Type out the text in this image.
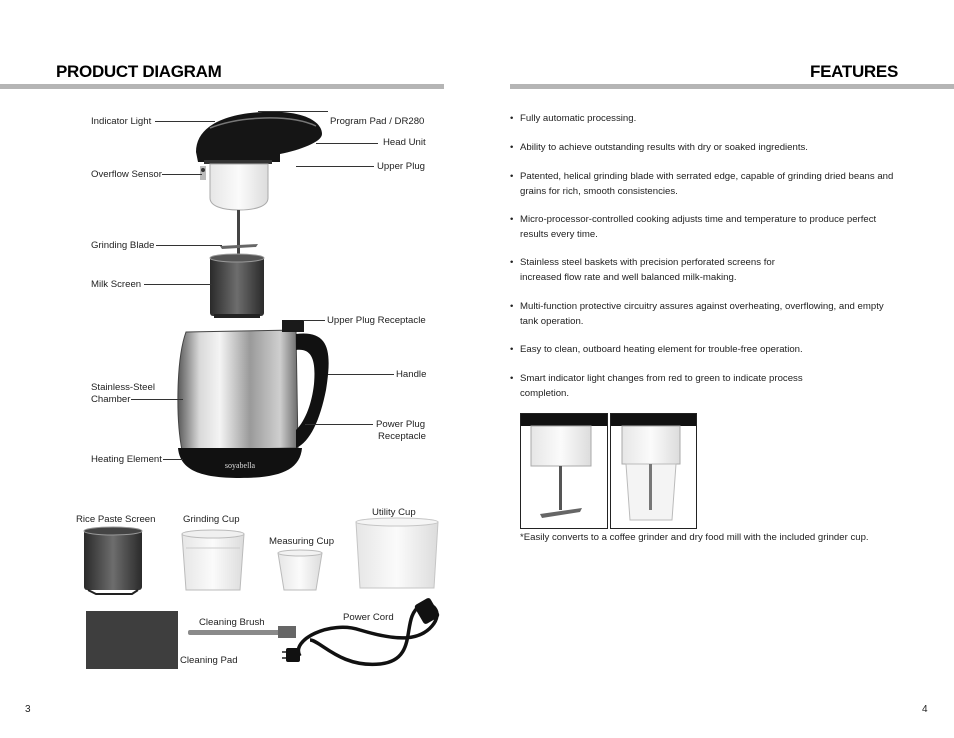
PRODUCT DIAGRAM	FEATURES
soyabella
Indicator Light	Program Pad / DR280
Head Unit
Upper Plug
Overflow Sensor
Grinding Blade
Milk Screen
Upper Plug Receptacle
Handle
Stainless-Steel
Chamber
Power Plug
Receptacle
Heating Element
Rice Paste Screen	Grinding Cup
Utility Cup
Measuring Cup
Cleaning Brush	Power Cord
Cleaning Pad
• Fully automatic processing.
• Ability to achieve outstanding results with dry or soaked ingredients.
• Patented, helical grinding blade with serrated edge, capable of grinding dried beans and
grains for rich, smooth consistencies.
• Micro-processor-controlled cooking adjusts time and temperature to produce perfect
results every time.
• Stainless steel baskets with precision perforated screens for
increased flow rate and well balanced milk-making.
• Multi-function protective circuitry assures against overheating, overflowing, and empty
tank operation.
• Easy to clean, outboard heating element for trouble-free operation.
• Smart indicator light changes from red to green to indicate process
completion.
*Easily converts to a coffee grinder and dry food mill with the included grinder cup.
3	4
